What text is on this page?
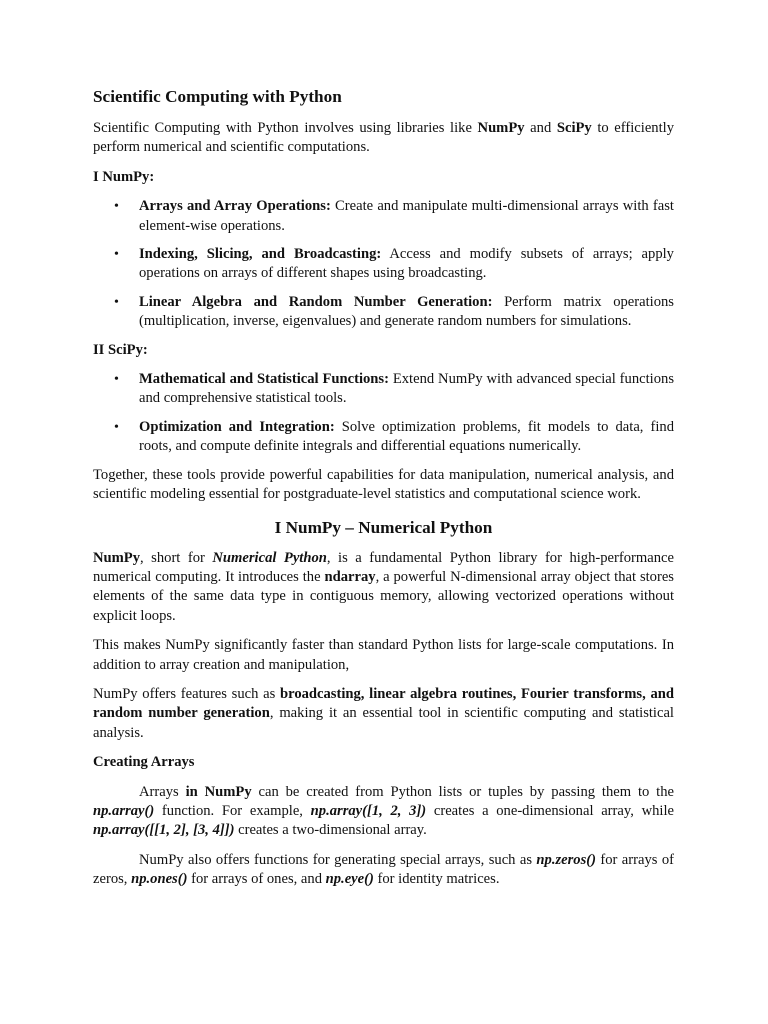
Scientific Computing with Python

Scientific Computing with Python involves using libraries like NumPy and SciPy to efficiently perform numerical and scientific computations.

I NumPy:

• Arrays and Array Operations: Create and manipulate multi-dimensional arrays with fast element-wise operations.
• Indexing, Slicing, and Broadcasting: Access and modify subsets of arrays; apply operations on arrays of different shapes using broadcasting.
• Linear Algebra and Random Number Generation: Perform matrix operations (multiplication, inverse, eigenvalues) and generate random numbers for simulations.

II SciPy:

• Mathematical and Statistical Functions: Extend NumPy with advanced special functions and comprehensive statistical tools.
• Optimization and Integration: Solve optimization problems, fit models to data, find roots, and compute definite integrals and differential equations numerically.

Together, these tools provide powerful capabilities for data manipulation, numerical analysis, and scientific modeling essential for postgraduate-level statistics and computational science work.

I NumPy – Numerical Python

NumPy, short for Numerical Python, is a fundamental Python library for high-performance numerical computing. It introduces the ndarray, a powerful N-dimensional array object that stores elements of the same data type in contiguous memory, allowing vectorized operations without explicit loops.

This makes NumPy significantly faster than standard Python lists for large-scale computations. In addition to array creation and manipulation,

NumPy offers features such as broadcasting, linear algebra routines, Fourier transforms, and random number generation, making it an essential tool in scientific computing and statistical analysis.

Creating Arrays

Arrays in NumPy can be created from Python lists or tuples by passing them to the np.array() function. For example, np.array([1, 2, 3]) creates a one-dimensional array, while np.array([[1, 2], [3, 4]]) creates a two-dimensional array.

NumPy also offers functions for generating special arrays, such as np.zeros() for arrays of zeros, np.ones() for arrays of ones, and np.eye() for identity matrices.
